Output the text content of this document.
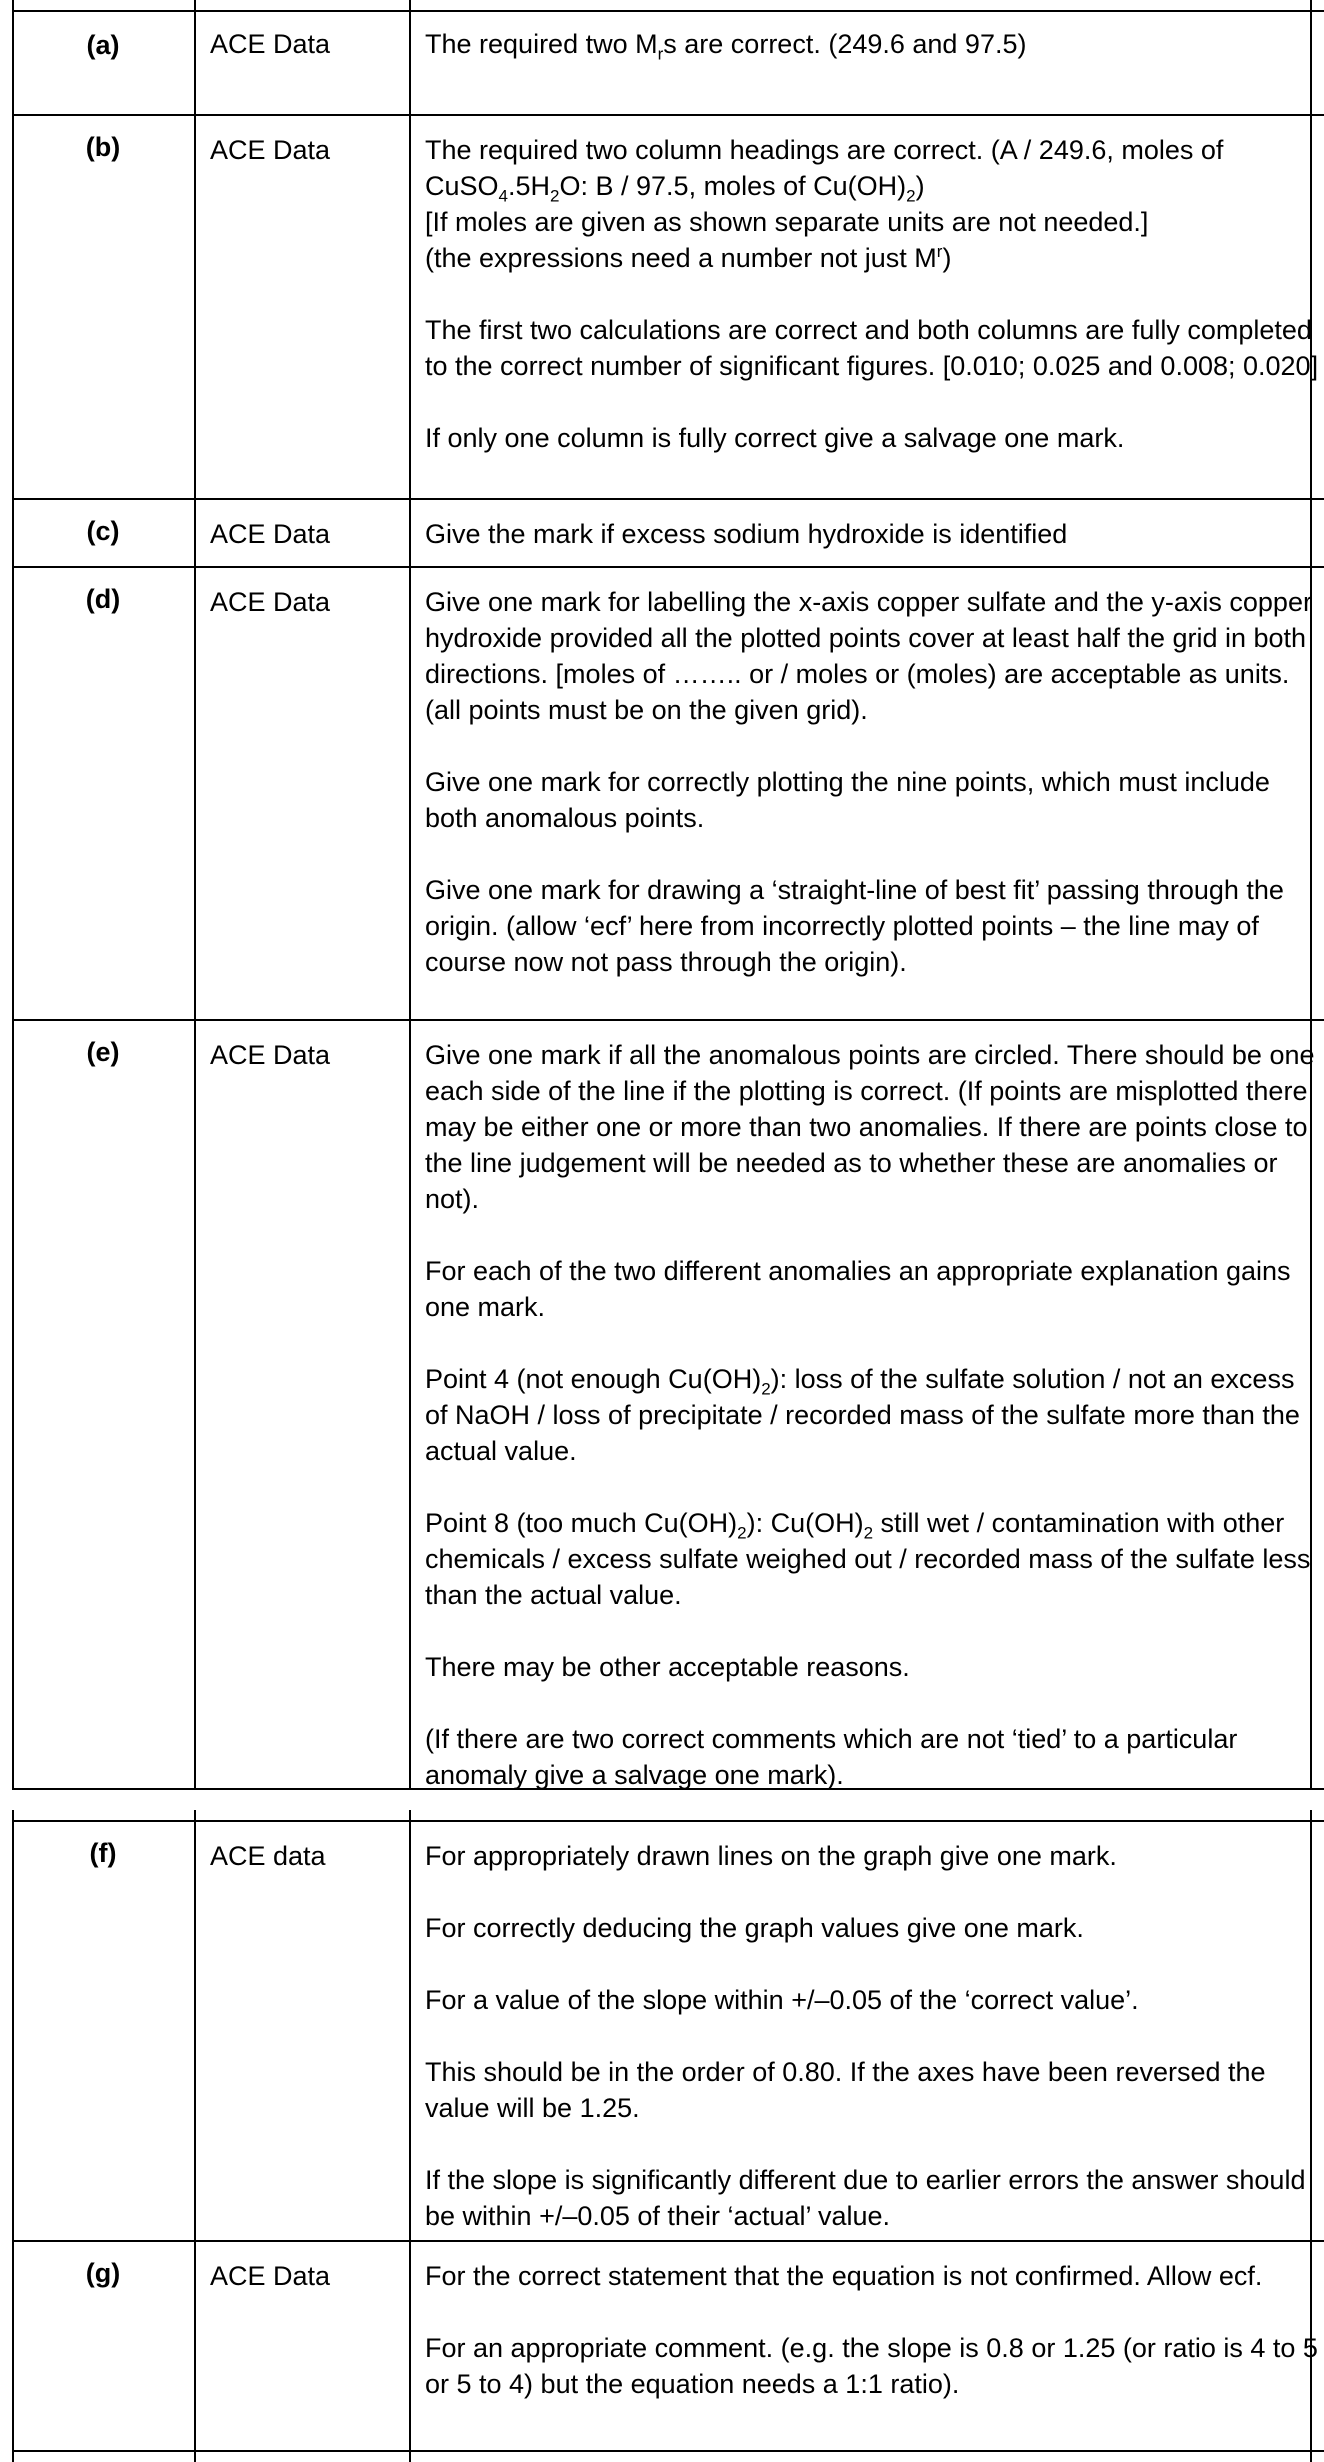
(a)	ACE Data	The required two $M_rs$ are correct. (249.6 and 97.5)

(b)	ACE Data	The required two column headings are correct. (A / 249.6, moles of $CuSO_4.5H_2O$: B / 97.5, moles of $Cu(OH)_2$)
[If moles are given as shown separate units are not needed.]
(the expressions need a number not just $M^r$)

The first two calculations are correct and both columns are fully completed to the correct number of significant figures. [0.010; 0.025 and 0.008; 0.020]

If only one column is fully correct give a salvage one mark.

(c)	ACE Data	Give the mark if excess sodium hydroxide is identified

(d)	ACE Data	Give one mark for labelling the x-axis copper sulfate and the y-axis copper hydroxide provided all the plotted points cover at least half the grid in both directions. [moles of …….. or / moles or (moles) are acceptable as units. (all points must be on the given grid).

Give one mark for correctly plotting the nine points, which must include both anomalous points.

Give one mark for drawing a ‘straight-line of best fit’ passing through the origin. (allow ‘ecf’ here from incorrectly plotted points – the line may of course now not pass through the origin).

(e)	ACE Data	Give one mark if all the anomalous points are circled. There should be one each side of the line if the plotting is correct. (If points are misplotted there may be either one or more than two anomalies. If there are points close to the line judgement will be needed as to whether these are anomalies or not).

For each of the two different anomalies an appropriate explanation gains one mark.

Point 4 (not enough $Cu(OH)_2$): loss of the sulfate solution / not an excess of NaOH / loss of precipitate / recorded mass of the sulfate more than the actual value.

Point 8 (too much $Cu(OH)_2$): $Cu(OH)_2$ still wet / contamination with other chemicals / excess sulfate weighed out / recorded mass of the sulfate less than the actual value.

There may be other acceptable reasons.

(If there are two correct comments which are not ‘tied’ to a particular anomaly give a salvage one mark).

(f)	ACE data	For appropriately drawn lines on the graph give one mark.

For correctly deducing the graph values give one mark.

For a value of the slope within +/–0.05 of the ‘correct value’.

This should be in the order of 0.80. If the axes have been reversed the value will be 1.25.

If the slope is significantly different due to earlier errors the answer should be within +/–0.05 of their ‘actual’ value.

(g)	ACE Data	For the correct statement that the equation is not confirmed. Allow ecf.

For an appropriate comment. (e.g. the slope is 0.8 or 1.25 (or ratio is 4 to 5 or 5 to 4) but the equation needs a 1:1 ratio).
